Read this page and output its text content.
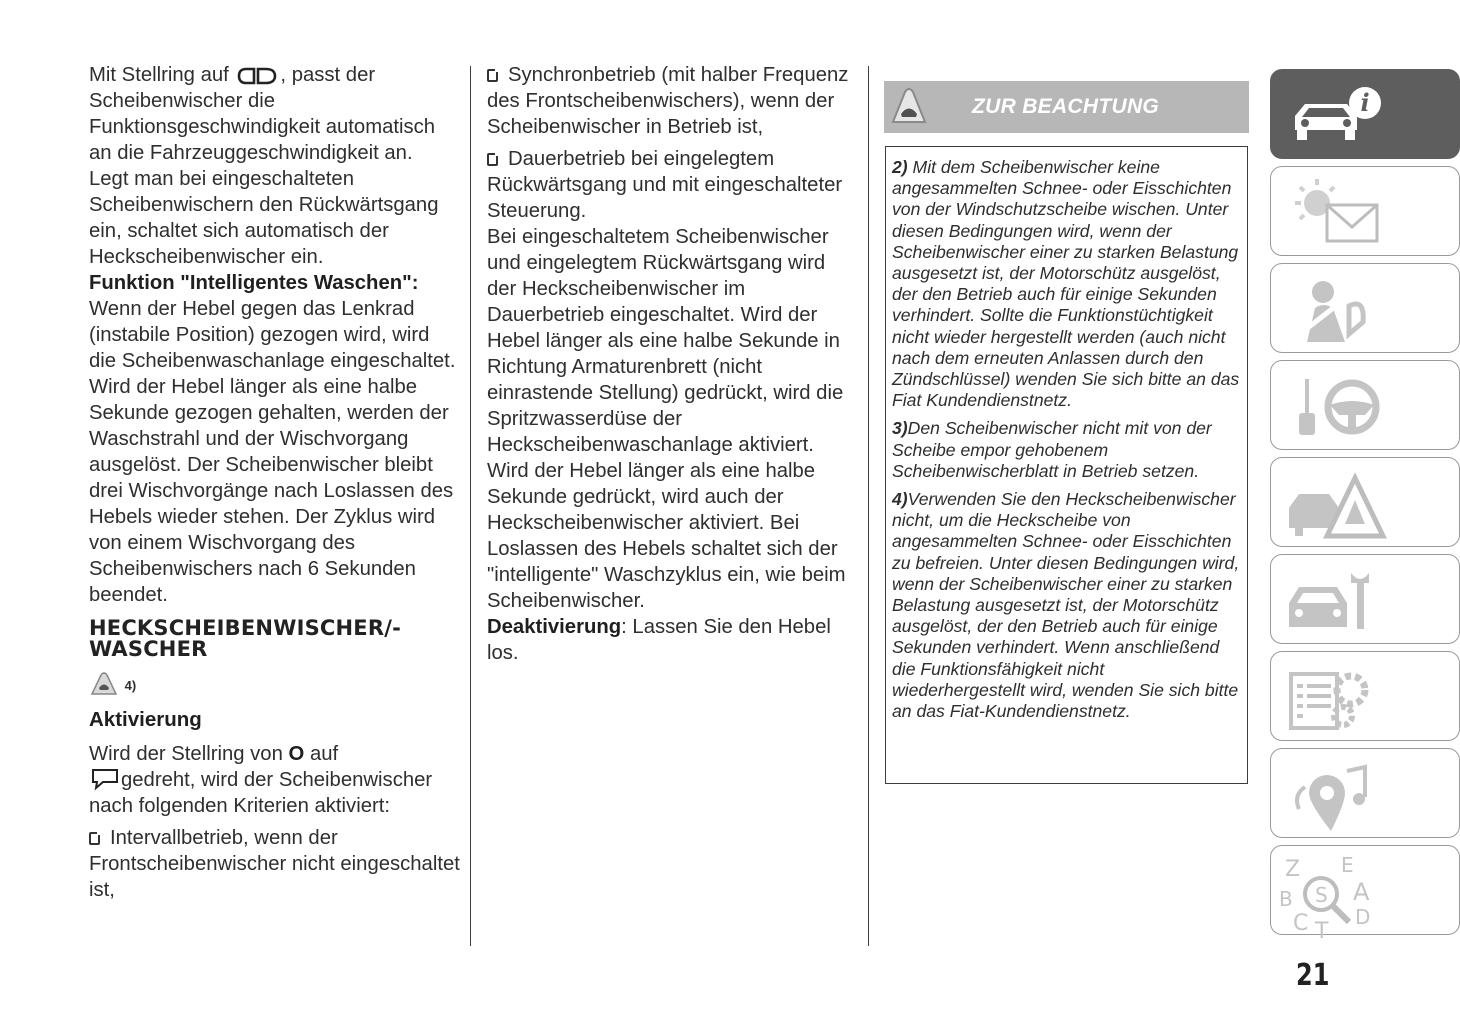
Mit Stellring auf	, passt der Scheibenwischer die Funktionsgeschwindigkeit automatisch an die Fahrzeuggeschwindigkeit an.

Legt man bei eingeschalteten Scheibenwischern den Rückwärtsgang ein, schaltet sich automatisch der Heckscheibenwischer ein.

Funktion "Intelligentes Waschen":

Wenn der Hebel gegen das Lenkrad (instabile Position) gezogen wird, wird die Scheibenwaschanlage eingeschaltet. Wird der Hebel länger als eine halbe Sekunde gezogen gehalten, werden der Waschstrahl und der Wischvorgang ausgelöst. Der Scheibenwischer bleibt drei Wischvorgänge nach Loslassen des Hebels wieder stehen. Der Zyklus wird von einem Wischvorgang des Scheibenwischers nach 6 Sekunden beendet.

HECKSCHEIBENWISCHER/-WASCHER

4)

Aktivierung

Wird der Stellring von O auf
gedreht, wird der Scheibenwischer nach folgenden Kriterien aktiviert:

Intervallbetrieb, wenn der Frontscheibenwischer nicht eingeschaltet ist,

Synchronbetrieb (mit halber Frequenz des Frontscheibenwischers), wenn der Scheibenwischer in Betrieb ist,

Dauerbetrieb bei eingelegtem Rückwärtsgang und mit eingeschalteter Steuerung.

Bei eingeschaltetem Scheibenwischer und eingelegtem Rückwärtsgang wird der Heckscheibenwischer im Dauerbetrieb eingeschaltet. Wird der Hebel länger als eine halbe Sekunde in Richtung Armaturenbrett (nicht einrastende Stellung) gedrückt, wird die Spritzwasserdüse der Heckscheibenwaschanlage aktiviert. Wird der Hebel länger als eine halbe Sekunde gedrückt, wird auch der Heckscheibenwischer aktiviert. Bei Loslassen des Hebels schaltet sich der "intelligente" Waschzyklus ein, wie beim Scheibenwischer.

Deaktivierung: Lassen Sie den Hebel los.

ZUR BEACHTUNG

2) Mit dem Scheibenwischer keine angesammelten Schnee- oder Eisschichten von der Windschutzscheibe wischen. Unter diesen Bedingungen wird, wenn der Scheibenwischer einer zu starken Belastung ausgesetzt ist, der Motorschütz ausgelöst, der den Betrieb auch für einige Sekunden verhindert. Sollte die Funktionstüchtigkeit nicht wieder hergestellt werden (auch nicht nach dem erneuten Anlassen durch den Zündschlüssel) wenden Sie sich bitte an das Fiat Kundendienstnetz.

3)Den Scheibenwischer nicht mit von der Scheibe empor gehobenem Scheibenwischerblatt in Betrieb setzen.

4)Verwenden Sie den Heckscheibenwischer nicht, um die Heckscheibe von angesammelten Schnee- oder Eisschichten zu befreien. Unter diesen Bedingungen wird, wenn der Scheibenwischer einer zu starken Belastung ausgesetzt ist, der Motorschütz ausgelöst, der den Betrieb auch für einige Sekunden verhindert. Wenn anschließend die Funktionsfähigkeit nicht wiederhergestellt wird, wenden Sie sich bitte an das Fiat-Kundendienstnetz.

i
Z E
B	A
C D
T
S
21
